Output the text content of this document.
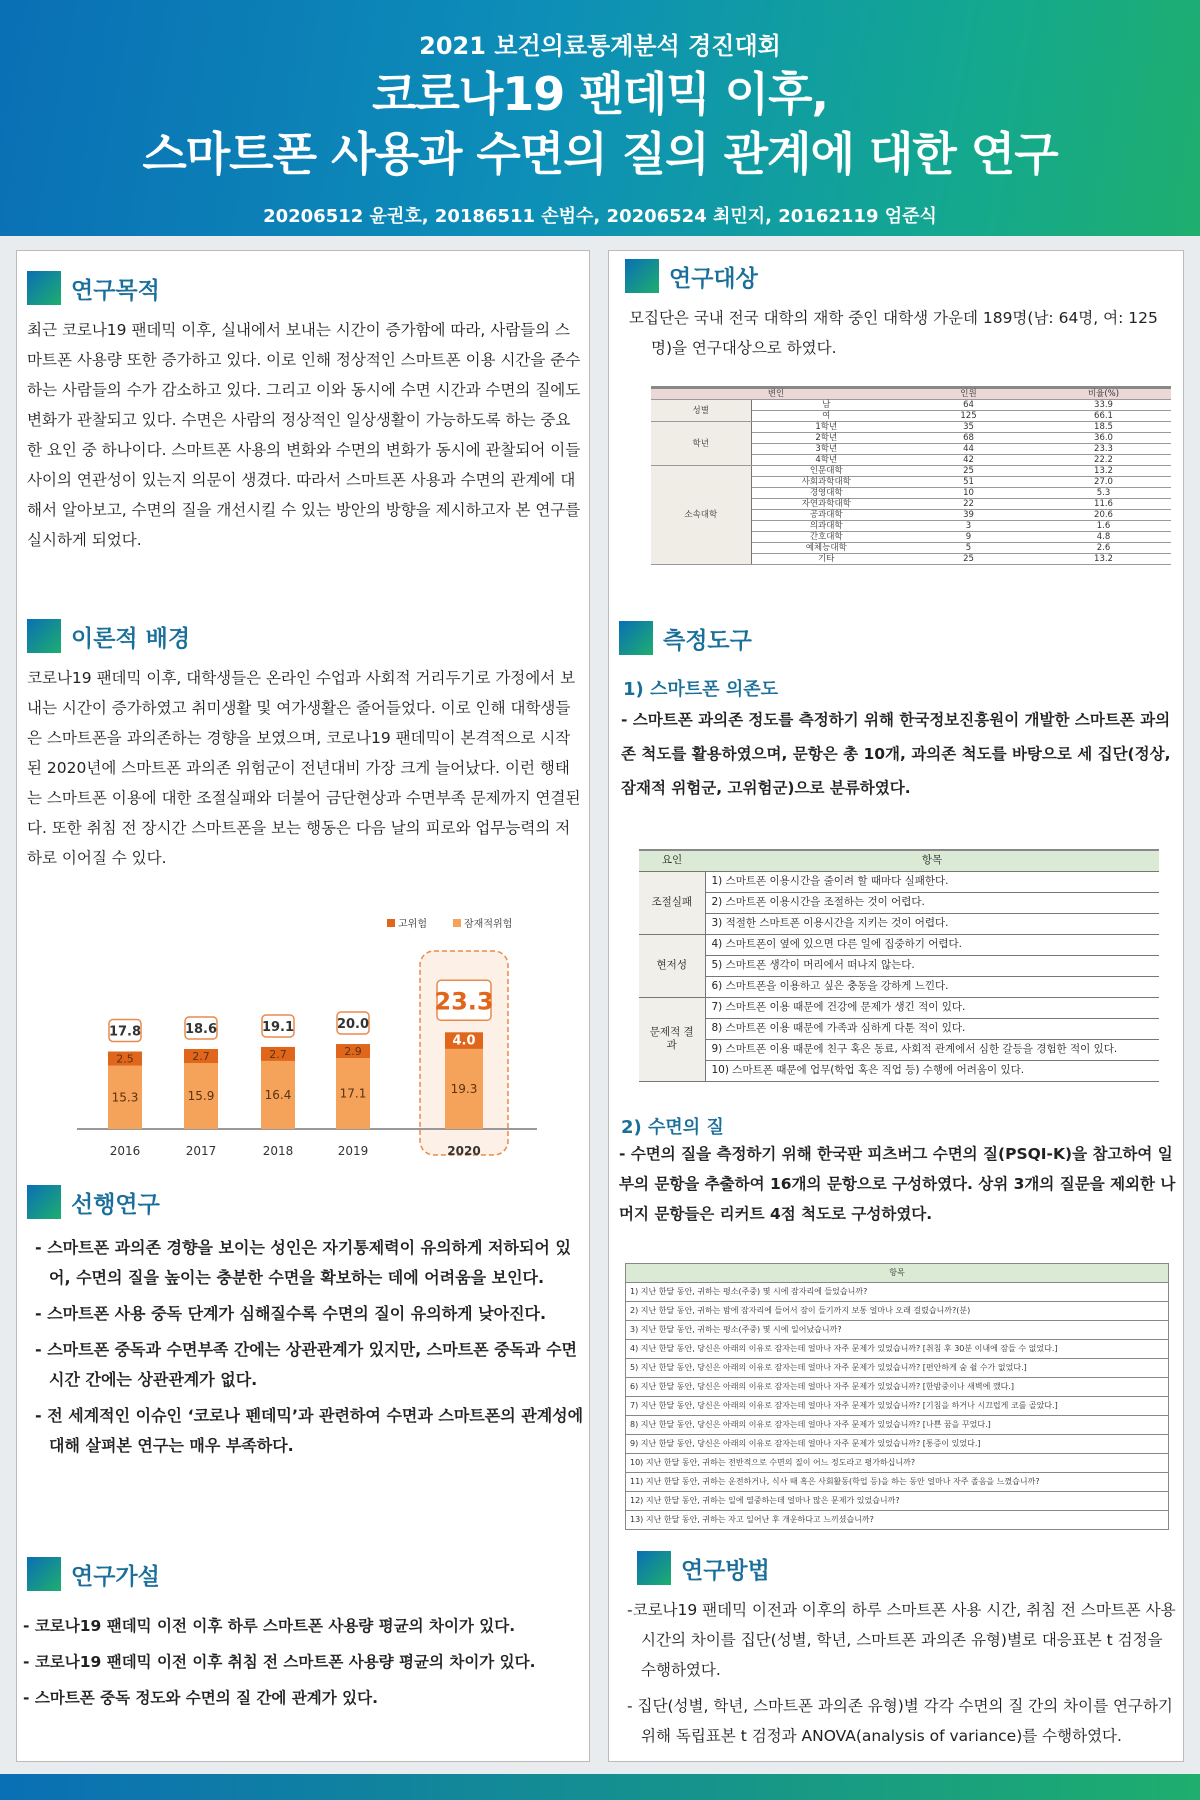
2021 보건의료통계분석 경진대회
코로나19 팬데믹 이후,
스마트폰 사용과 수면의 질의 관계에 대한 연구
20206512 윤권호, 20186511 손범수, 20206524 최민지, 20162119 엄준식
연구목적
최근 코로나19 팬데믹 이후, 실내에서 보내는 시간이 증가함에 따라, 사람들의 스마트폰 사용량 또한 증가하고 있다. 이로 인해 정상적인 스마트폰 이용 시간을 준수하는 사람들의 수가 감소하고 있다. 그리고 이와 동시에 수면 시간과 수면의 질에도 변화가 관찰되고 있다. 수면은 사람의 정상적인 일상생활이 가능하도록 하는 중요한 요인 중 하나이다. 스마트폰 사용의 변화와 수면의 변화가 동시에 관찰되어 이들 사이의 연관성이 있는지 의문이 생겼다. 따라서 스마트폰 사용과 수면의 관계에 대해서 알아보고, 수면의 질을 개선시킬 수 있는 방안의 방향을 제시하고자 본 연구를 실시하게 되었다.
이론적 배경
코로나19 팬데믹 이후, 대학생들은 온라인 수업과 사회적 거리두기로 가정에서 보내는 시간이 증가하였고 취미생활 및 여가생활은 줄어들었다. 이로 인해 대학생들은 스마트폰을 과의존하는 경향을 보였으며, 코로나19 팬데믹이 본격적으로 시작된 2020년에 스마트폰 과의존 위험군이 전년대비 가장 크게 늘어났다. 이런 행태는 스마트폰 이용에 대한 조절실패와 더불어 금단현상과 수면부족 문제까지 연결된다. 또한 취침 전 장시간 스마트폰을 보는 행동은 다음 날의 피로와 업무능력의 저하로 이어질 수 있다.
고위험	잠재적위험
15.3
2.5
17.8
2016
15.9
2.7
18.6
2017
16.4
2.7
19.1
2018
17.1
2.9
20.0
2019
19.3
4.0
23.3
2020
선행연구
- 스마트폰 과의존 경향을 보이는 성인은 자기통제력이 유의하게 저하되어 있어, 수면의 질을 높이는 충분한 수면을 확보하는 데에 어려움을 보인다.
- 스마트폰 사용 중독 단계가 심해질수록 수면의 질이 유의하게 낮아진다.
- 스마트폰 중독과 수면부족 간에는 상관관계가 있지만, 스마트폰 중독과 수면시간 간에는 상관관계가 없다.
- 전 세계적인 이슈인 ‘코로나 펜데믹’과 관련하여 수면과 스마트폰의 관계성에 대해 살펴본 연구는 매우 부족하다.
연구가설
- 코로나19 팬데믹 이전 이후 하루 스마트폰 사용량 평균의 차이가 있다.
- 코로나19 팬데믹 이전 이후 취침 전 스마트폰 사용량 평균의 차이가 있다.
- 스마트폰 중독 정도와 수면의 질 간에 관계가 있다.
연구대상
모집단은 국내 전국 대학의 재학 중인 대학생 가운데 189명(남: 64명, 여: 125명)을 연구대상으로 하였다.
변인		인원	비율(%)
성별	남	64	33.9
	여	125	66.1
학년	1학년	35	18.5
	2학년	68	36.0
	3학년	44	23.3
	4학년	42	22.2
소속대학	인문대학	25	13.2
	사회과학대학	51	27.0
	경영대학	10	5.3
	자연과학대학	22	11.6
	공과대학	39	20.6
	의과대학	3	1.6
	간호대학	9	4.8
	예체능대학	5	2.6
	기타	25	13.2
측정도구
1) 스마트폰 의존도
- 스마트폰 과의존 정도를 측정하기 위해 한국정보진흥원이 개발한 스마트폰 과의존 척도를 활용하였으며, 문항은 총 10개, 과의존 척도를 바탕으로 세 집단(정상, 잠재적 위험군, 고위험군)으로 분류하였다.
요인	항목
조절실패	1) 스마트폰 이용시간을 줄이려 할 때마다 실패한다.
	2) 스마트폰 이용시간을 조절하는 것이 어렵다.
	3) 적절한 스마트폰 이용시간을 지키는 것이 어렵다.
현저성	4) 스마트폰이 옆에 있으면 다른 일에 집중하기 어렵다.
	5) 스마트폰 생각이 머리에서 떠나지 않는다.
	6) 스마트폰을 이용하고 싶은 충동을 강하게 느낀다.
문제적 결과	7) 스마트폰 이용 때문에 건강에 문제가 생긴 적이 있다.
	8) 스마트폰 이용 때문에 가족과 심하게 다툰 적이 있다.
	9) 스마트폰 이용 때문에 친구 혹은 동료, 사회적 관계에서 심한 갈등을 경험한 적이 있다.
	10) 스마트폰 때문에 업무(학업 혹은 직업 등) 수행에 어려움이 있다.
2) 수면의 질
- 수면의 질을 측정하기 위해 한국판 피츠버그 수면의 질(PSQI-K)을 참고하여 일부의 문항을 추출하여 16개의 문항으로 구성하였다. 상위 3개의 질문을 제외한 나머지 문항들은 리커트 4점 척도로 구성하였다.
항목
1) 지난 한달 동안, 귀하는 평소(주중) 몇 시에 잠자리에 들었습니까?
2) 지난 한달 동안, 귀하는 밤에 잠자리에 들어서 잠이 들기까지 보통 얼마나 오래 걸렸습니까?(분)
3) 지난 한달 동안, 귀하는 평소(주중) 몇 시에 일어났습니까?
4) 지난 한달 동안, 당신은 아래의 이유로 잠자는데 얼마나 자주 문제가 있었습니까? [취침 후 30분 이내에 잠들 수 없었다.]
5) 지난 한달 동안, 당신은 아래의 이유로 잠자는데 얼마나 자주 문제가 있었습니까? [편안하게 숨 쉴 수가 없었다.]
6) 지난 한달 동안, 당신은 아래의 이유로 잠자는데 얼마나 자주 문제가 있었습니까? [한밤중이나 새벽에 깼다.]
7) 지난 한달 동안, 당신은 아래의 이유로 잠자는데 얼마나 자주 문제가 있었습니까? [기침을 하거나 시끄럽게 코를 골았다.]
8) 지난 한달 동안, 당신은 아래의 이유로 잠자는데 얼마나 자주 문제가 있었습니까? [나쁜 꿈을 꾸었다.]
9) 지난 한달 동안, 당신은 아래의 이유로 잠자는데 얼마나 자주 문제가 있었습니까? [통증이 있었다.]
10) 지난 한달 동안, 귀하는 전반적으로 수면의 질이 어느 정도라고 평가하십니까?
11) 지난 한달 동안, 귀하는 운전하거나, 식사 때 혹은 사회활동(학업 등)을 하는 동안 얼마나 자주 졸음을 느꼈습니까?
12) 지난 한달 동안, 귀하는 일에 열중하는데 얼마나 많은 문제가 있었습니까?
13) 지난 한달 동안, 귀하는 자고 일어난 후 개운하다고 느끼셨습니까?
연구방법
-코로나19 팬데믹 이전과 이후의 하루 스마트폰 사용 시간, 취침 전 스마트폰 사용시간의 차이를 집단(성별, 학년, 스마트폰 과의존 유형)별로 대응표본 t 검정을 수행하였다.
- 집단(성별, 학년, 스마트폰 과의존 유형)별 각각 수면의 질 간의 차이를 연구하기 위해 독립표본 t 검정과 ANOVA(analysis of variance)를 수행하였다.
